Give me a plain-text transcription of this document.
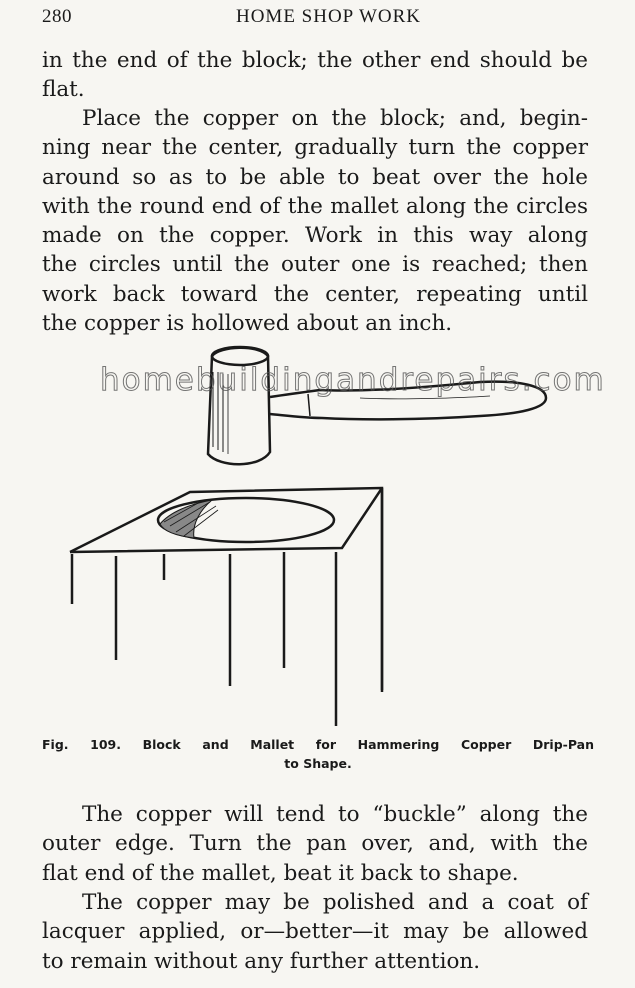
280	HOME SHOP WORK

in the end of the block; the other end should be
flat.

Place the copper on the block; and, begin-
ning near the center, gradually turn the copper
around so as to be able to beat over the hole
with the round end of the mallet along the circles
made on the copper. Work in this way along
the circles until the outer one is reached; then
work back toward the center, repeating until
the copper is hollowed about an inch.

homebuildingandrepairs.com
Fig. 109. Block and Mallet for Hammering Copper Drip-Pan
to Shape.

The copper will tend to “buckle” along the
outer edge. Turn the pan over, and, with the
flat end of the mallet, beat it back to shape.

The copper may be polished and a coat of
lacquer applied, or—better—it may be allowed
to remain without any further attention.
